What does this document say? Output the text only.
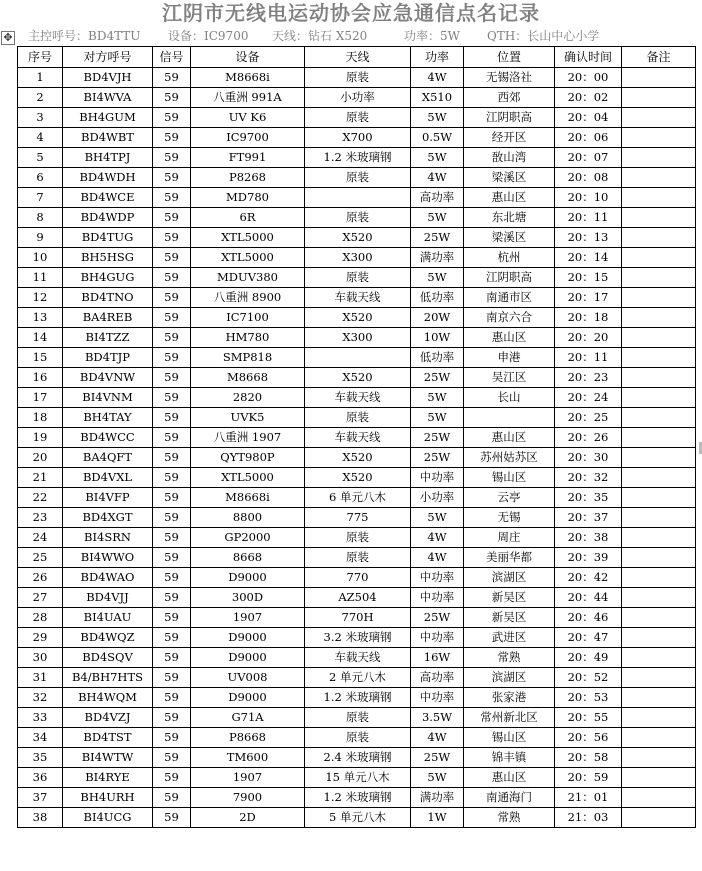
江阴市无线电运动协会应急通信点名记录
✥ 主控呼号：BD4TTU 设备：IC9700 天线：钻石 X520	功率：5W QTH：长山中心小学
序号	对方呼号	信号	设备	天线	功率	位置	确认时间	备注
1	BD4VJH	59	M8668i	原装	4W	无锡洛社	20：00	
2	BI4WVA	59	八重洲 991A	小功率	X510	西郊	20：02	
3	BH4GUM	59	UV K6	原装	5W	江阴职高	20：04	
4	BD4WBT	59	IC9700	X700	0.5W	经开区	20：06	
5	BH4TPJ	59	FT991	1.2 米玻璃钢	5W	敔山湾	20：07	
6	BD4WDH	59	P8268	原装	4W	梁溪区	20：08	
7	BD4WCE	59	MD780		高功率	惠山区	20：10	
8	BD4WDP	59	6R	原装	5W	东北塘	20：11	
9	BD4TUG	59	XTL5000	X520	25W	梁溪区	20：13	
10	BH5HSG	59	XTL5000	X300	满功率	杭州	20：14	
11	BH4GUG	59	MDUV380	原装	5W	江阴职高	20：15	
12	BD4TNO	59	八重洲 8900	车载天线	低功率	南通市区	20：17	
13	BA4REB	59	IC7100	X520	20W	南京六合	20：18	
14	BI4TZZ	59	HM780	X300	10W	惠山区	20：20	
15	BD4TJP	59	SMP818		低功率	申港	20：11	
16	BD4VNW	59	M8668	X520	25W	吴江区	20：23	
17	BI4VNM	59	2820	车载天线	5W	长山	20：24	
18	BH4TAY	59	UVK5	原装	5W		20：25	
19	BD4WCC	59	八重洲 1907	车载天线	25W	惠山区	20：26	
20	BA4QFT	59	QYT980P	X520	25W	苏州姑苏区	20：30	
21	BD4VXL	59	XTL5000	X520	中功率	锡山区	20：32	
22	BI4VFP	59	M8668i	6 单元八木	小功率	云亭	20：35	
23	BD4XGT	59	8800	775	5W	无锡	20：37	
24	BI4SRN	59	GP2000	原装	4W	周庄	20：38	
25	BI4WWO	59	8668	原装	4W	美丽华都	20：39	
26	BD4WAO	59	D9000	770	中功率	滨湖区	20：42	
27	BD4VJJ	59	300D	AZ504	中功率	新吴区	20：44	
28	BI4UAU	59	1907	770H	25W	新吴区	20：46	
29	BD4WQZ	59	D9000	3.2 米玻璃钢	中功率	武进区	20：47	
30	BD4SQV	59	D9000	车载天线	16W	常熟	20：49	
31	B4/BH7HTS	59	UV008	2 单元八木	高功率	滨湖区	20：52	
32	BH4WQM	59	D9000	1.2 米玻璃钢	中功率	张家港	20：53	
33	BD4VZJ	59	G71A	原装	3.5W	常州新北区	20：55	
34	BD4TST	59	P8668	原装	4W	锡山区	20：56	
35	BI4WTW	59	TM600	2.4 米玻璃钢	25W	锦丰镇	20：58	
36	BI4RYE	59	1907	15 单元八木	5W	惠山区	20：59	
37	BH4URH	59	7900	1.2 米玻璃钢	满功率	南通海门	21：01	
38	BI4UCG	59	2D	5 单元八木	1W	常熟	21：03	
